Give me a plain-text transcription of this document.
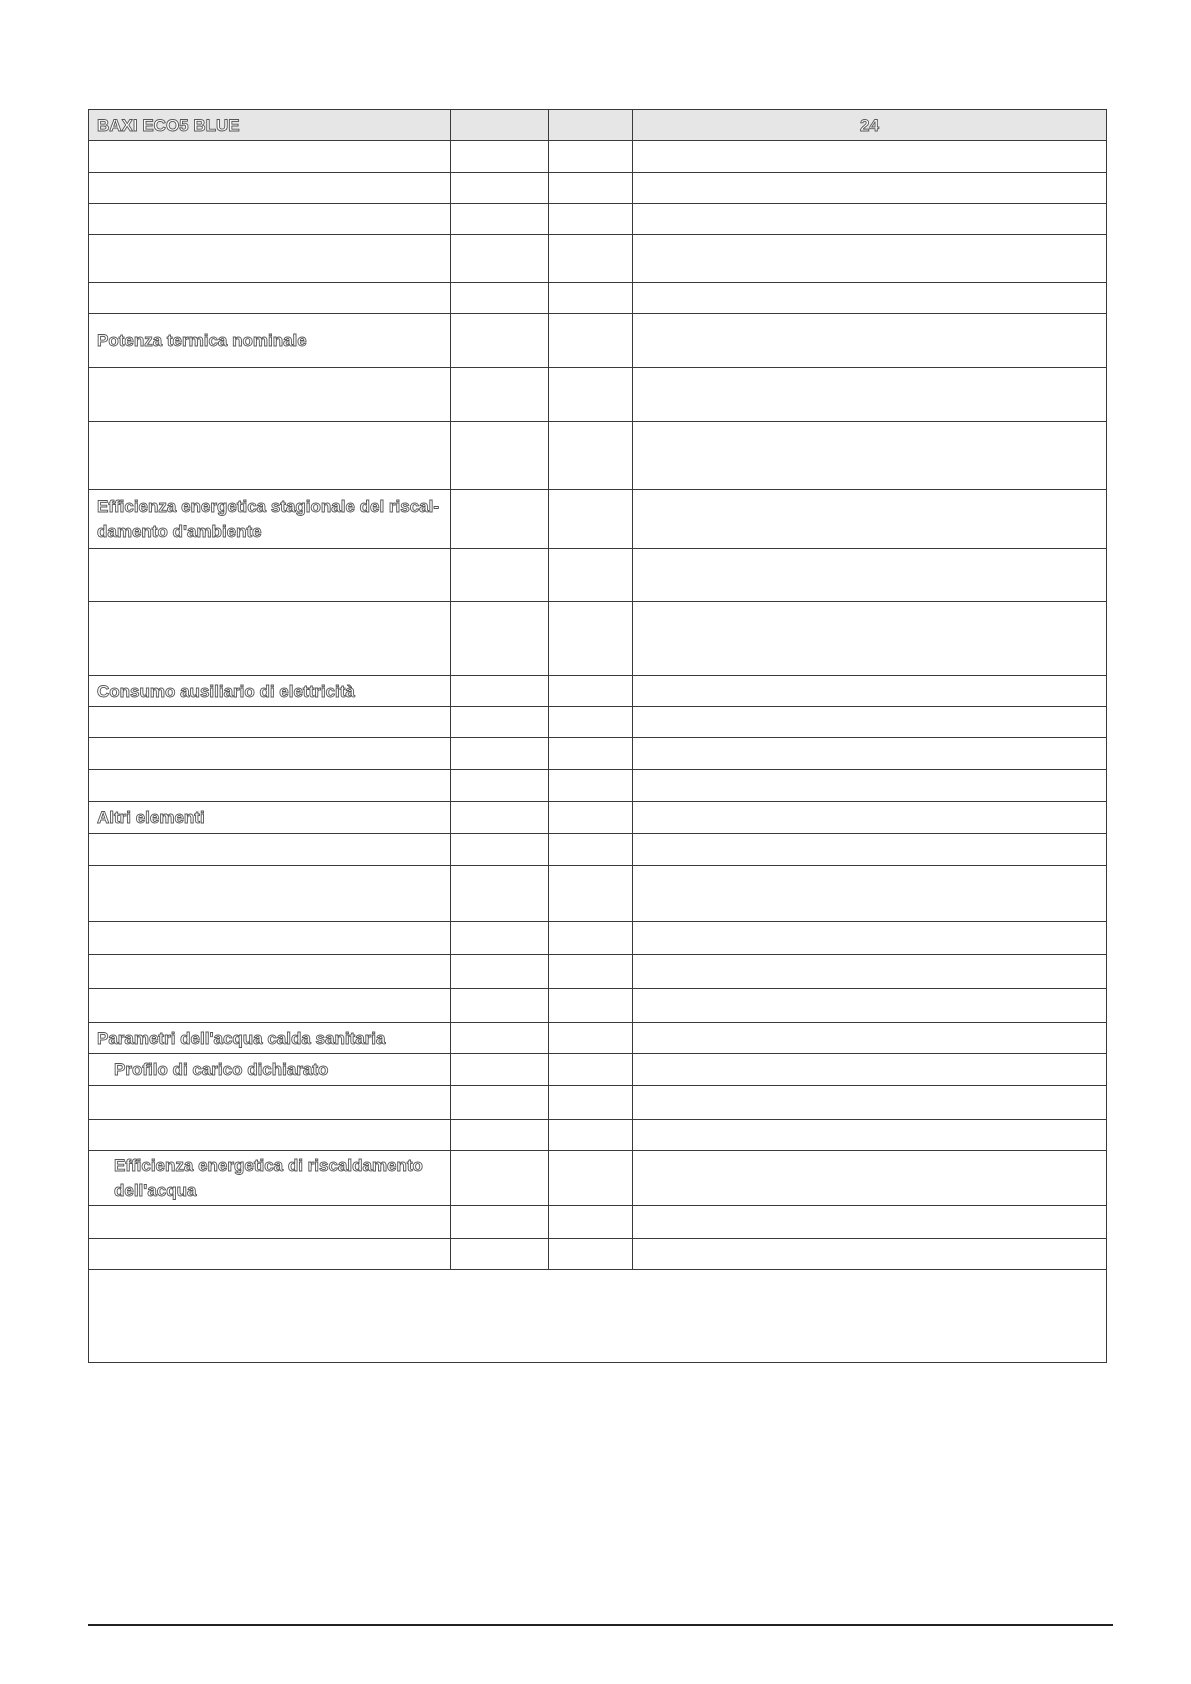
BAXI ECO5 BLUE			24

Potenza termica nominale			

Efficienza energetica stagionale del riscal-damento d'ambiente			

Consumo ausiliario di elettricità			

Altri elementi			

Parametri dell'acqua calda sanitaria			
Profilo di carico dichiarato			

Efficienza energetica di riscaldamento dell'acqua			
